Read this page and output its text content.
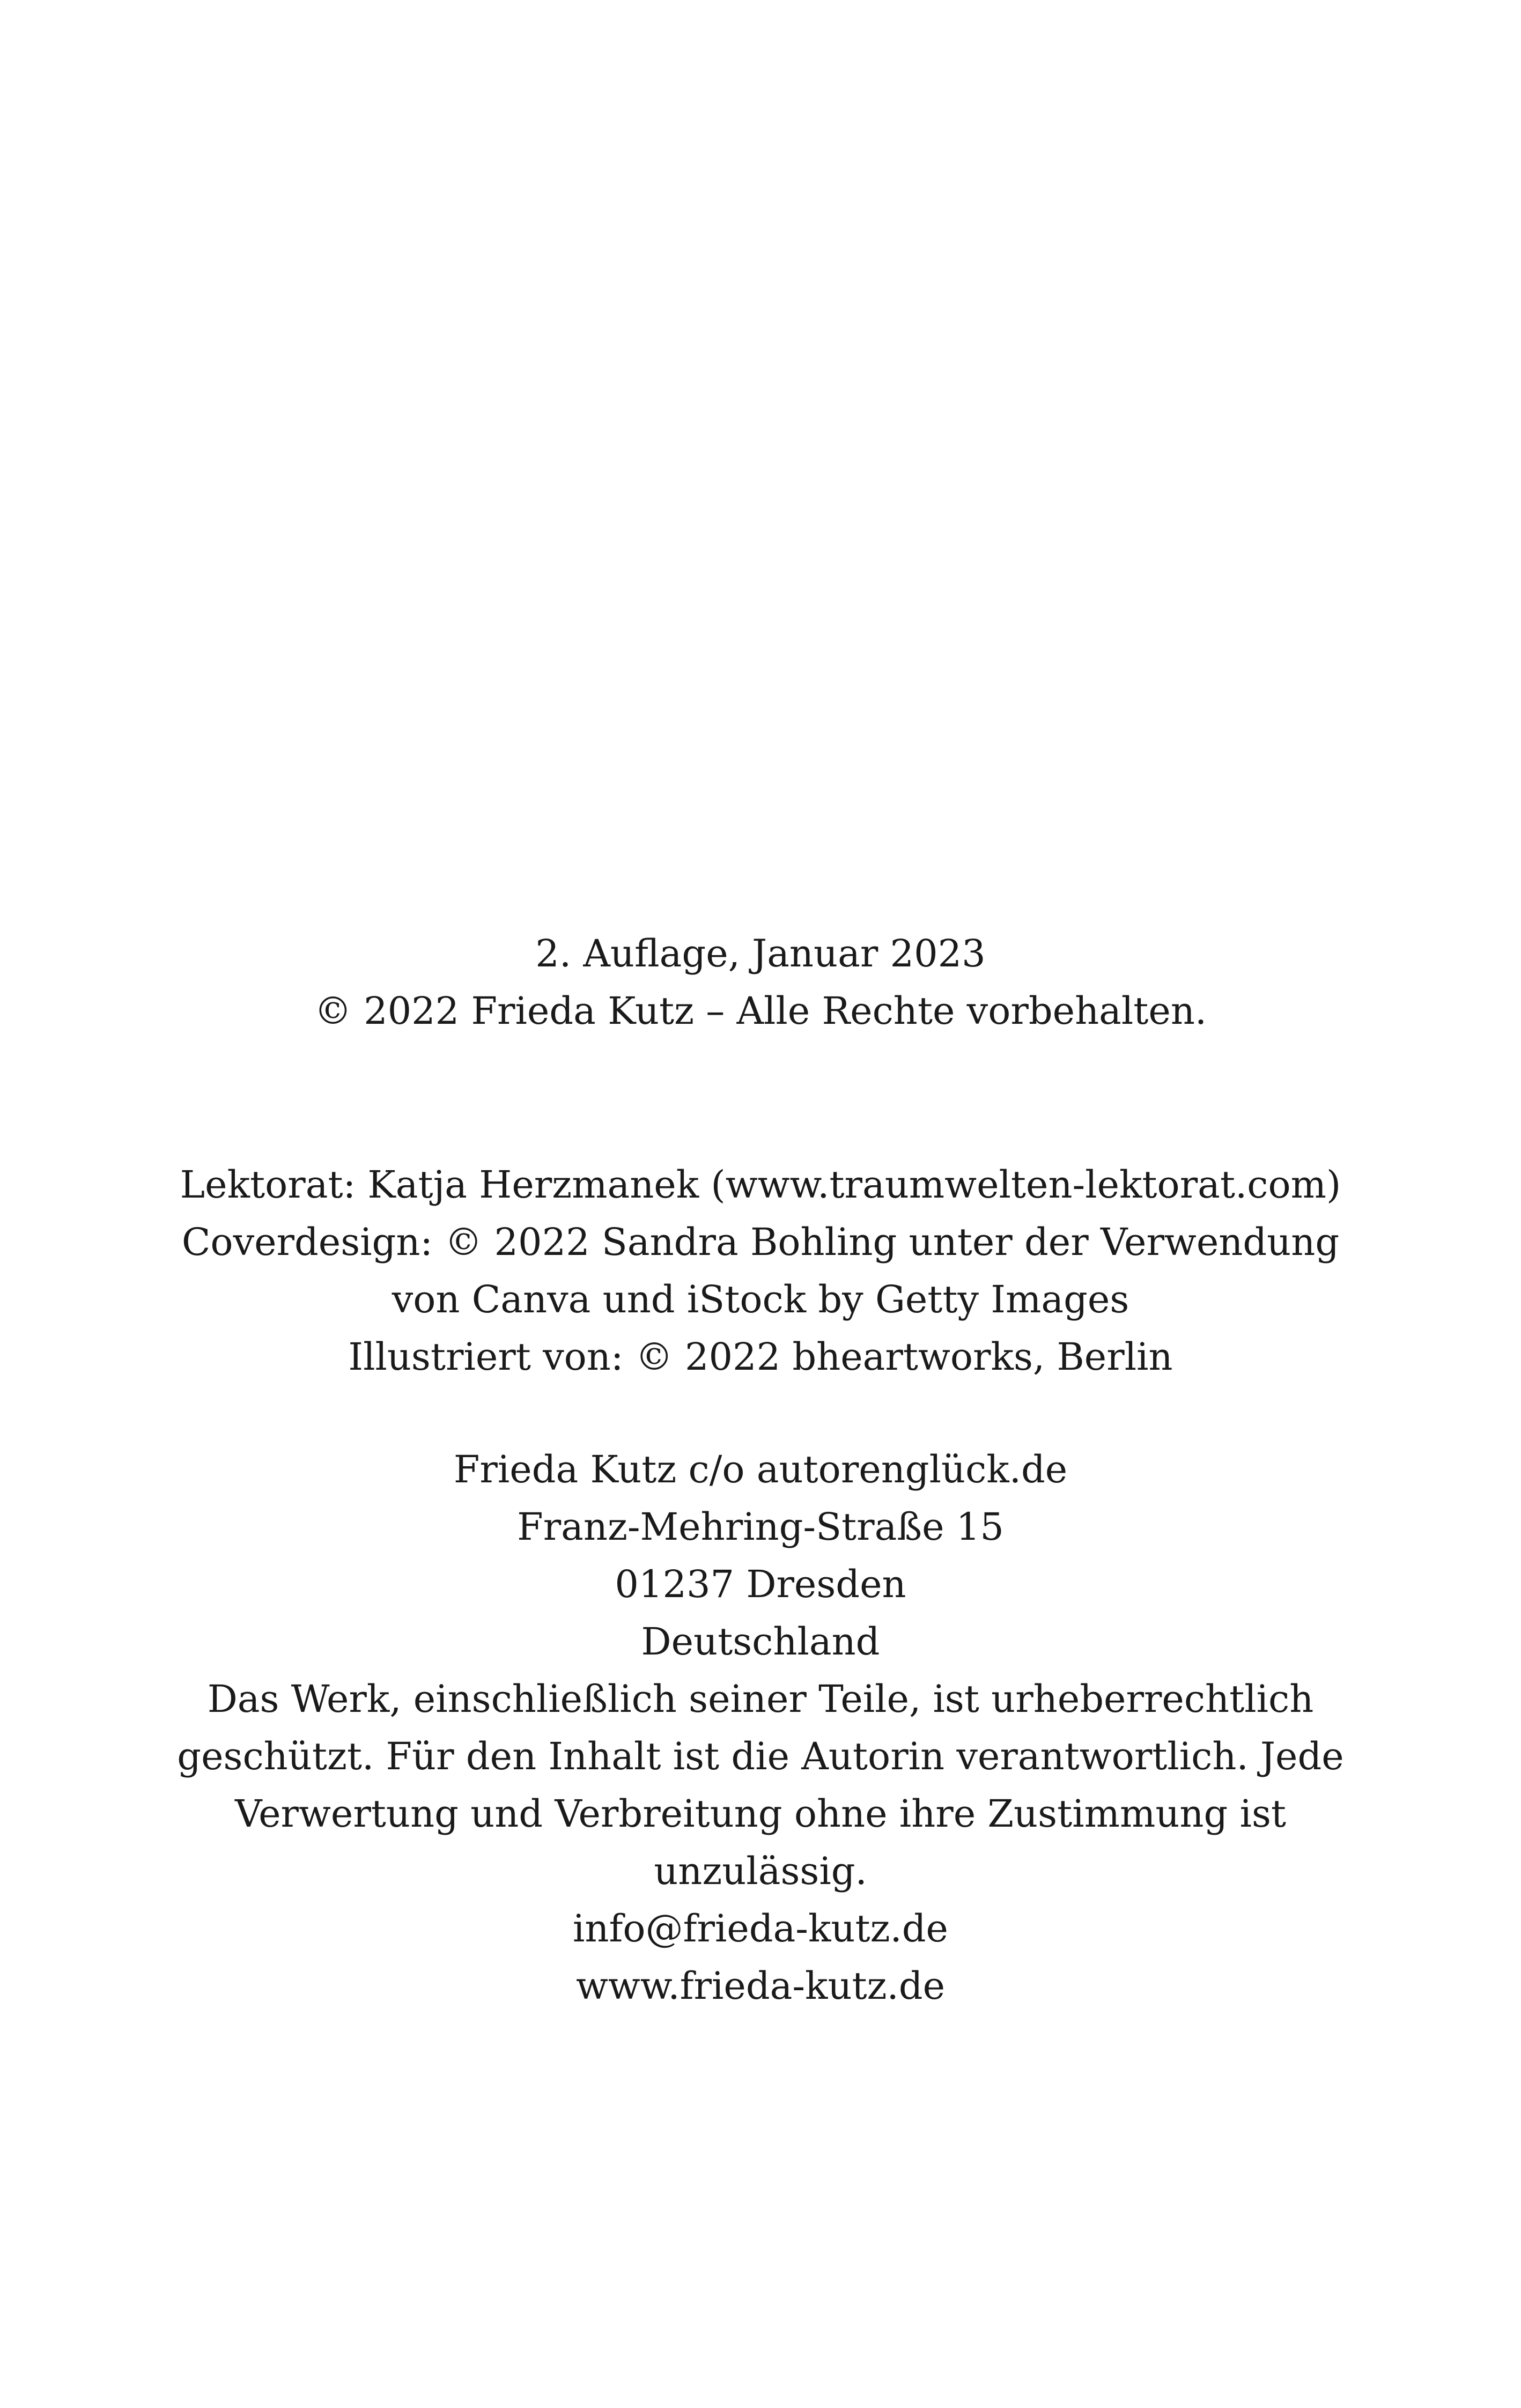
2. Auflage, Januar 2023
© 2022 Frieda Kutz – Alle Rechte vorbehalten.
Lektorat: Katja Herzmanek (www.traumwelten-lektorat.com)
Coverdesign: © 2022 Sandra Bohling unter der Verwendung
von Canva und iStock by Getty Images
Illustriert von: © 2022 bheartworks, Berlin
Frieda Kutz c/o autorenglück.de
Franz-Mehring-Straße 15
01237 Dresden
Deutschland
Das Werk, einschließlich seiner Teile, ist urheberrechtlich
geschützt. Für den Inhalt ist die Autorin verantwortlich. Jede
Verwertung und Verbreitung ohne ihre Zustimmung ist
unzulässig.
info@frieda-kutz.de
www.frieda-kutz.de
